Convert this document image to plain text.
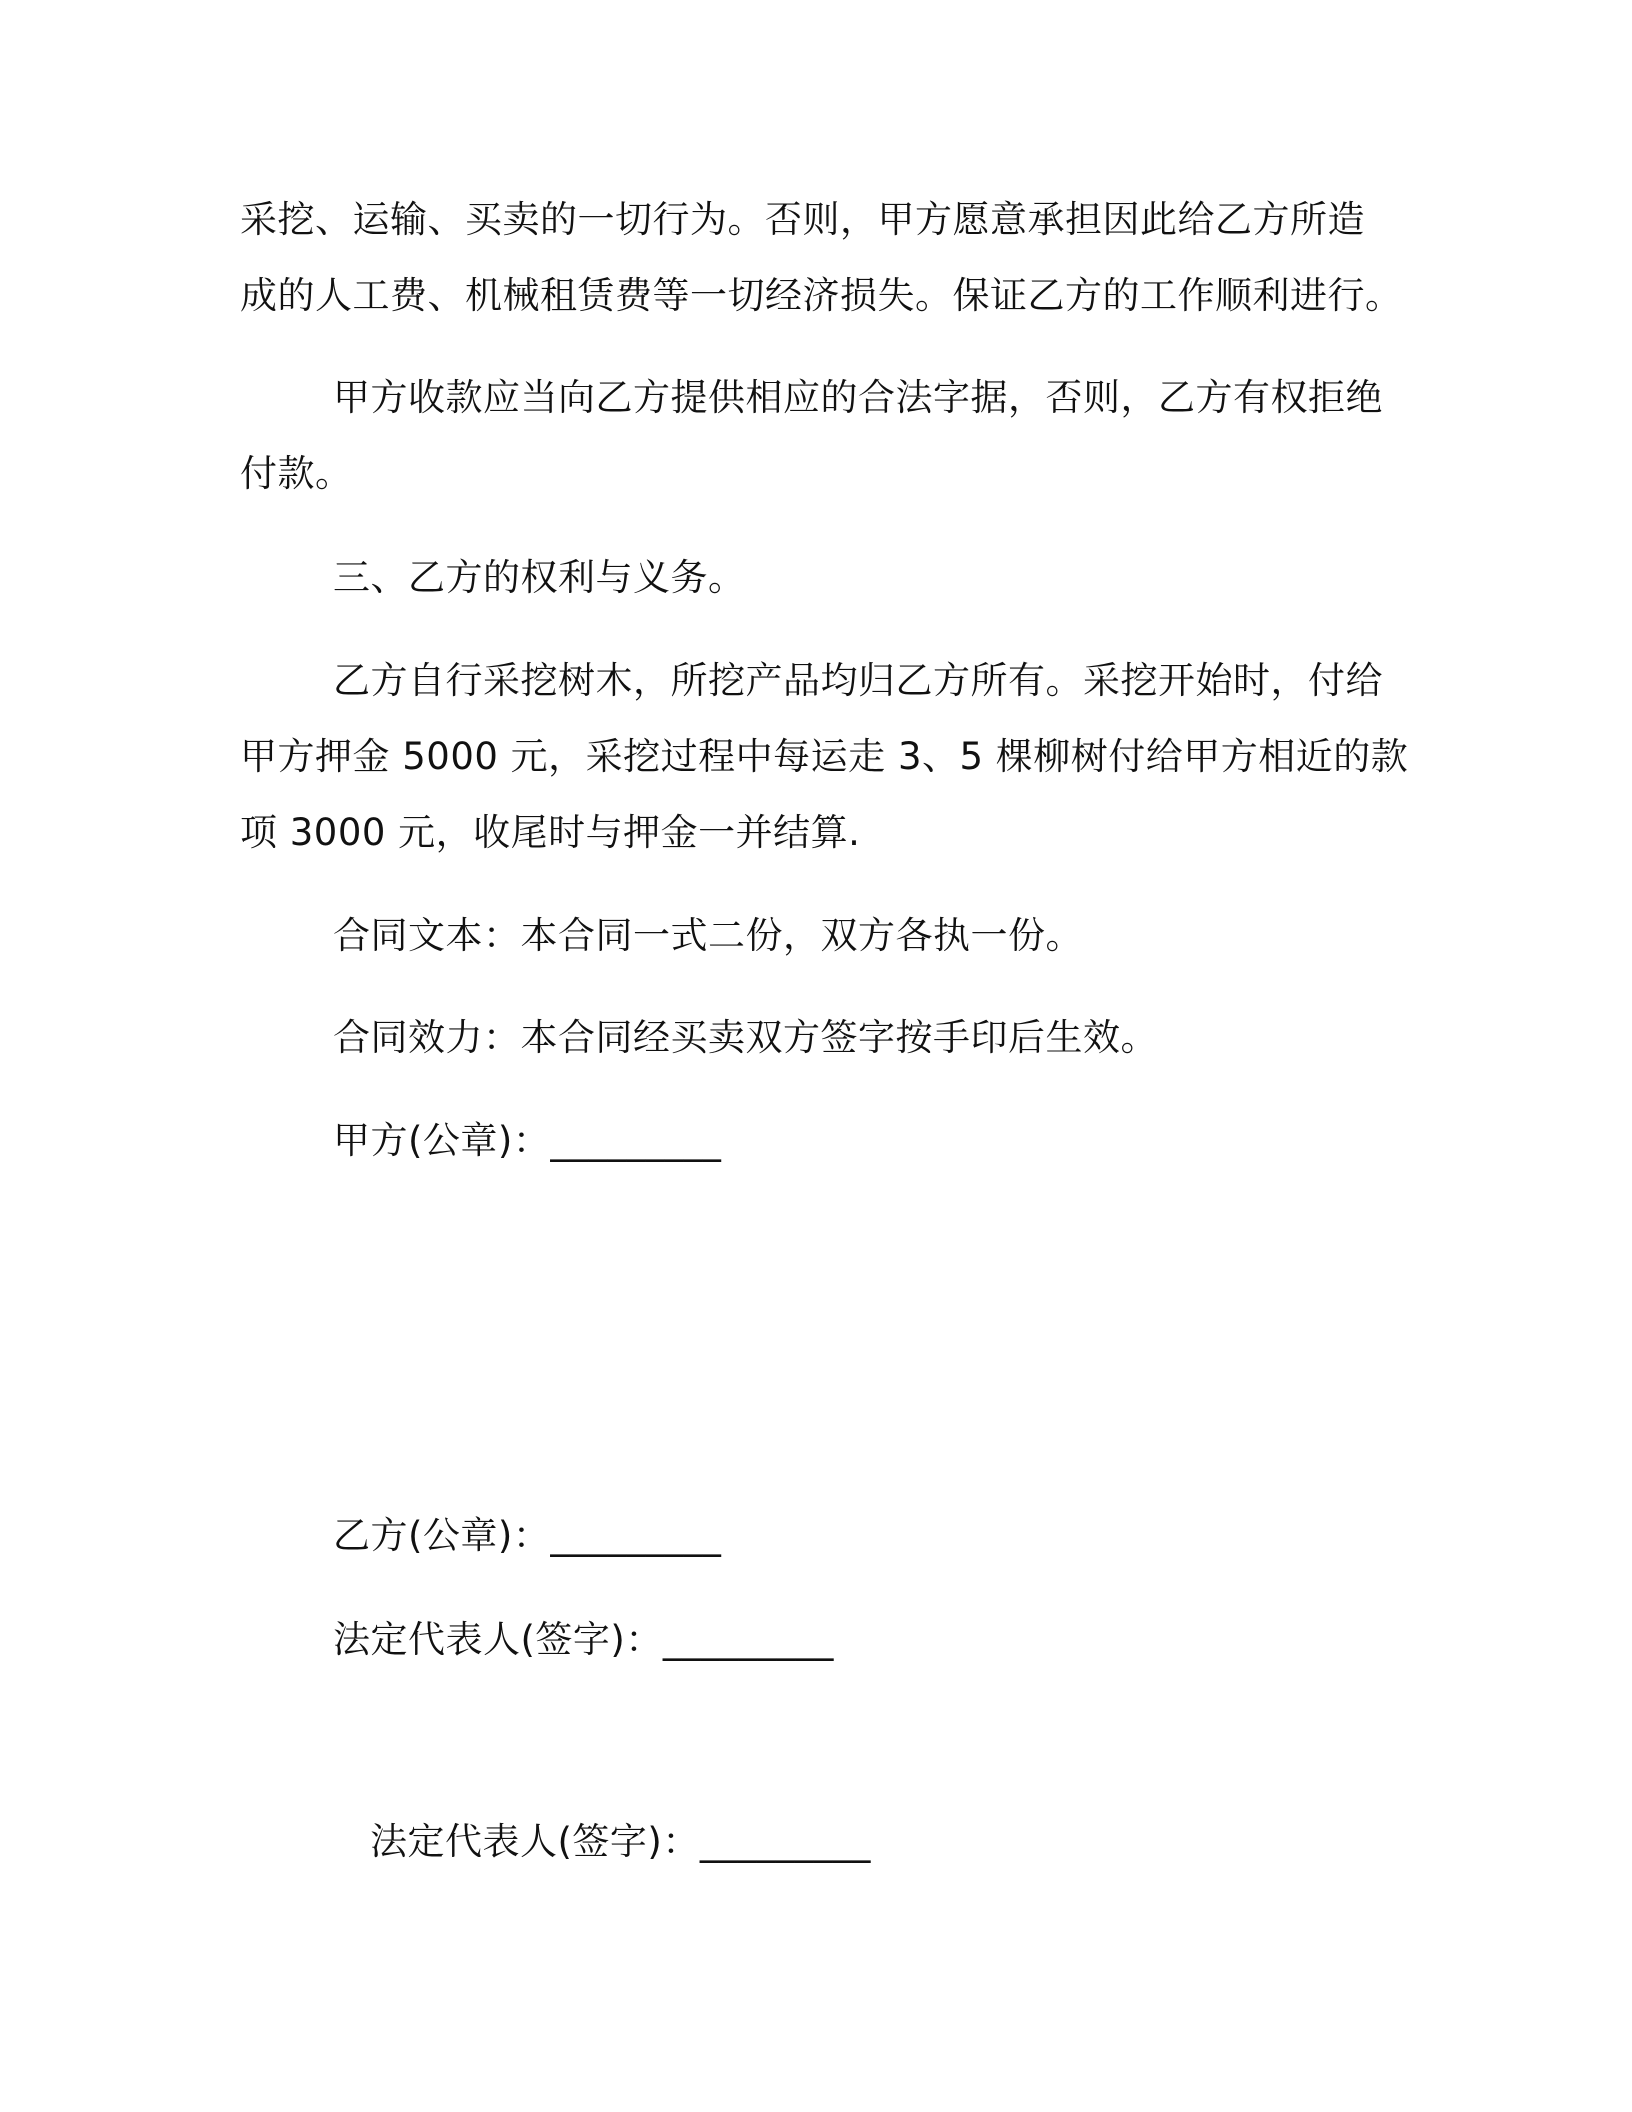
采挖、运输、买卖的一切行为。否则，甲方愿意承担因此给乙方所造
成的人工费、机械租赁费等一切经济损失。保证乙方的工作顺利进行。
甲方收款应当向乙方提供相应的合法字据，否则，乙方有权拒绝
付款。
三、乙方的权利与义务。
乙方自行采挖树木，所挖产品均归乙方所有。采挖开始时，付给
甲方押金 5000 元，采挖过程中每运走 3、5 棵柳树付给甲方相近的款
项 3000 元，收尾时与押金一并结算.
合同文本：本合同一式二份，双方各执一份。
合同效力：本合同经买卖双方签字按手印后生效。
甲方(公章)：_________
乙方(公章)：_________
法定代表人(签字)：_________
法定代表人(签字)：_________
